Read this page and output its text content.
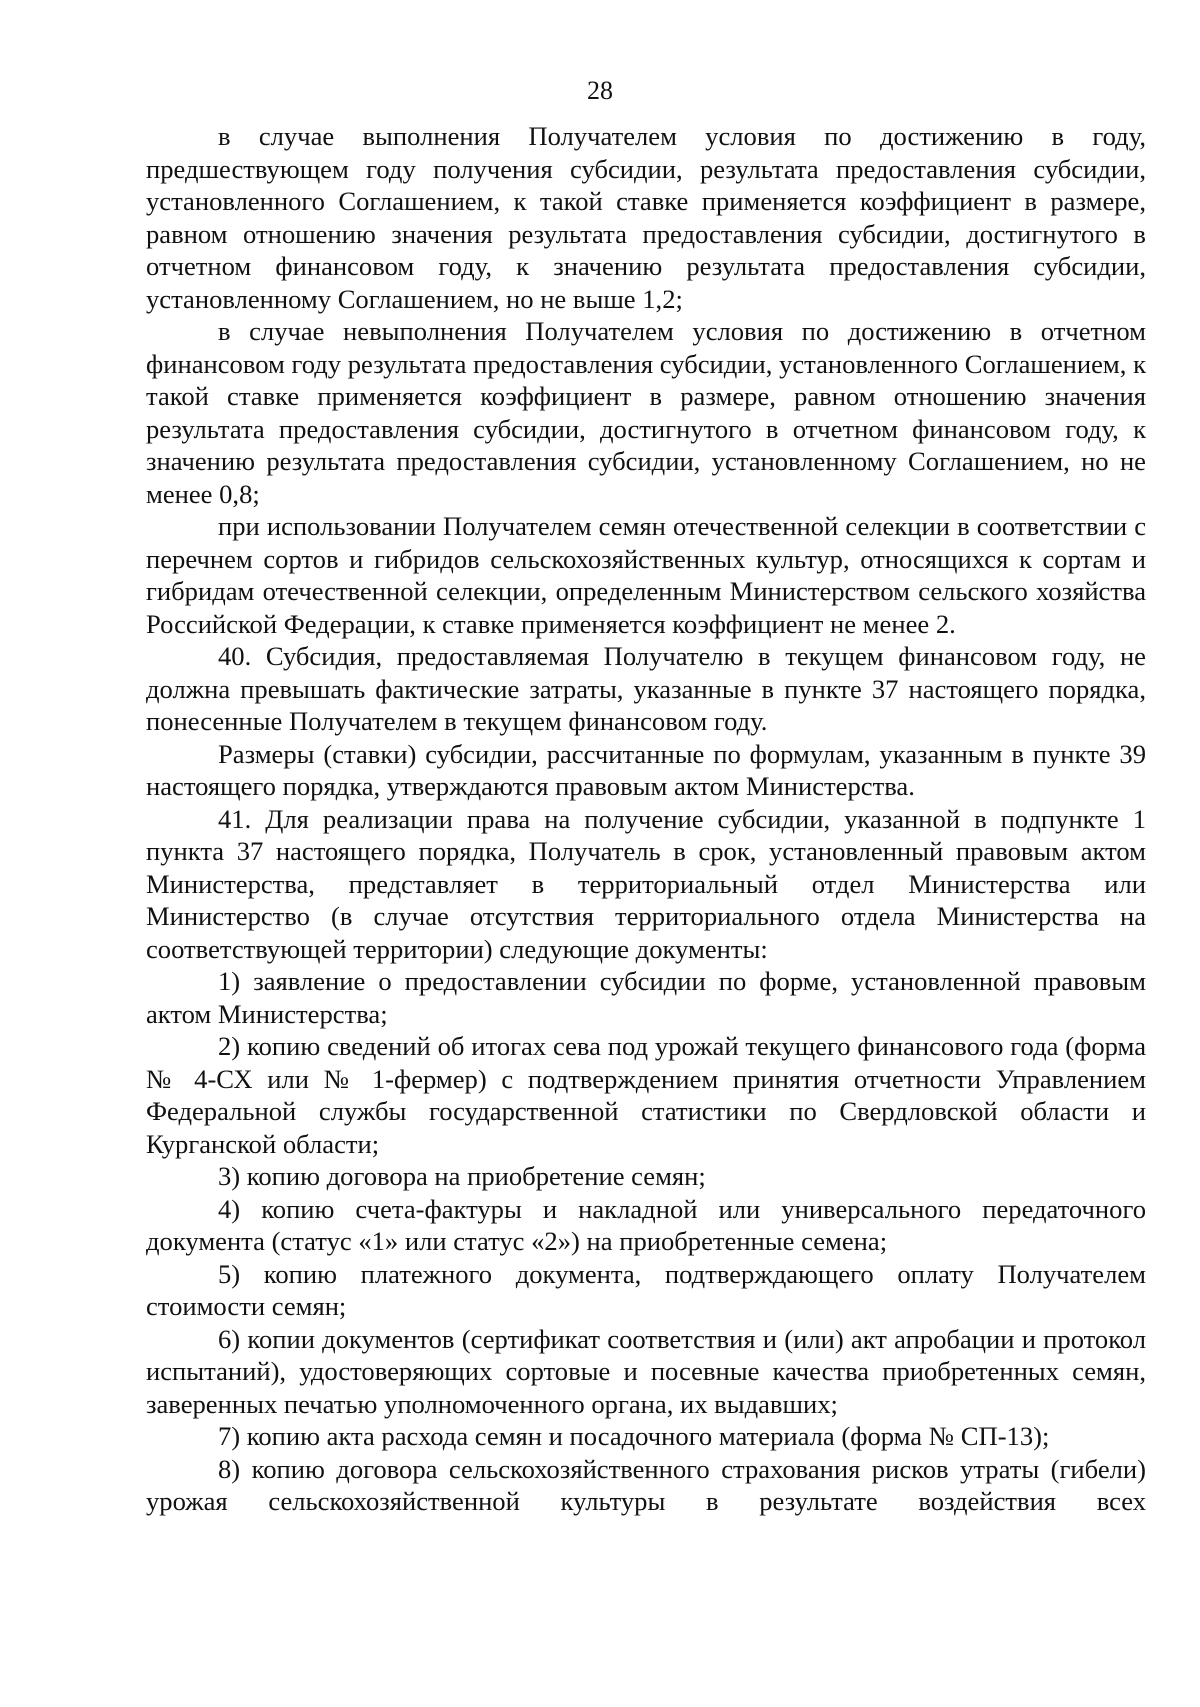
28

в случае выполнения Получателем условия по достижению в году, предшествующем году получения субсидии, результата предоставления субсидии, установленного Соглашением, к такой ставке применяется коэффициент в размере, равном отношению значения результата предоставления субсидии, достигнутого в отчетном финансовом году, к значению результата предоставления субсидии, установленному Соглашением, но не выше 1,2;

в случае невыполнения Получателем условия по достижению в отчетном финансовом году результата предоставления субсидии, установленного Соглашением, к такой ставке применяется коэффициент в размере, равном отношению значения результата предоставления субсидии, достигнутого в отчетном финансовом году, к значению результата предоставления субсидии, установленному Соглашением, но не менее 0,8;

при использовании Получателем семян отечественной селекции в соответствии с перечнем сортов и гибридов сельскохозяйственных культур, относящихся к сортам и гибридам отечественной селекции, определенным Министерством сельского хозяйства Российской Федерации, к ставке применяется коэффициент не менее 2.

40. Субсидия, предоставляемая Получателю в текущем финансовом году, не должна превышать фактические затраты, указанные в пункте 37 настоящего порядка, понесенные Получателем в текущем финансовом году.

Размеры (ставки) субсидии, рассчитанные по формулам, указанным в пункте 39 настоящего порядка, утверждаются правовым актом Министерства.

41. Для реализации права на получение субсидии, указанной в подпункте 1 пункта 37 настоящего порядка, Получатель в срок, установленный правовым актом Министерства, представляет в территориальный отдел Министерства или Министерство (в случае отсутствия территориального отдела Министерства на соответствующей территории) следующие документы:

1) заявление о предоставлении субсидии по форме, установленной правовым актом Министерства;

2) копию сведений об итогах сева под урожай текущего финансового года (форма № 4-СХ или № 1-фермер) с подтверждением принятия отчетности Управлением Федеральной службы государственной статистики по Свердловской области и Курганской области;

3) копию договора на приобретение семян;

4) копию счета-фактуры и накладной или универсального передаточного документа (статус «1» или статус «2») на приобретенные семена;

5) копию платежного документа, подтверждающего оплату Получателем стоимости семян;

6) копии документов (сертификат соответствия и (или) акт апробации и протокол испытаний), удостоверяющих сортовые и посевные качества приобретенных семян, заверенных печатью уполномоченного органа, их выдавших;

7) копию акта расхода семян и посадочного материала (форма № СП-13);

8) копию договора сельскохозяйственного страхования рисков утраты (гибели) урожая сельскохозяйственной культуры в результате воздействия всех
